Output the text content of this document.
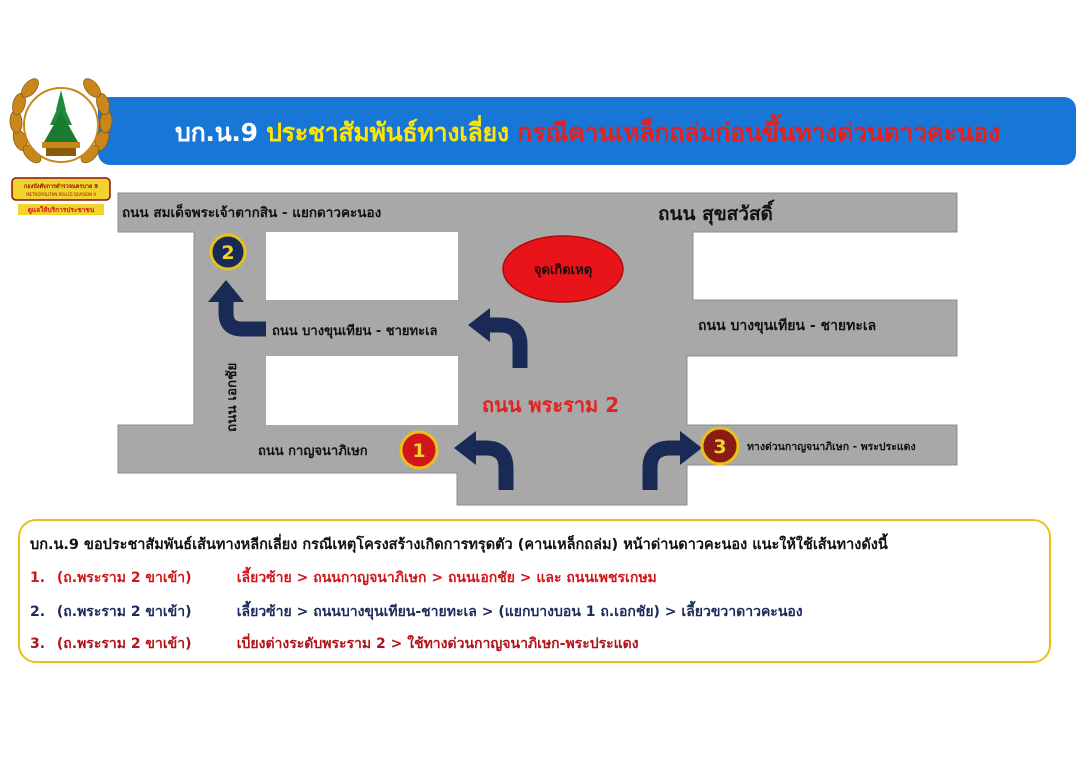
บก.น.9 ประชาสัมพันธ์ทางเลี่ยง กรณีคานเหล็กถล่มก่อนขึ้นทางด่วนดาวคะนอง
กองบังคับการตำรวจนครบาล 9
METROPOLITAN POLICE DIVISION 9
ดูแลให้บริการประชาชน
จุดเกิดเหตุ
ถนน สมเด็จพระเจ้าตากสิน - แยกดาวคะนอง	ถนน สุขสวัสดิ์
ถนน บางขุนเทียน - ชายทะเล	ถนน บางขุนเทียน - ชายทะเล
ถนน เอกชัย
ถนน กาญจนาภิเษก
ถนน พระราม 2
ทางด่วนกาญจนาภิเษก - พระประแดง
2
1	3
บก.น.9 ขอประชาสัมพันธ์เส้นทางหลีกเลี่ยง กรณีเหตุโครงสร้างเกิดการทรุดตัว (คานเหล็กถล่ม) หน้าด่านดาวคะนอง แนะให้ใช้เส้นทางดังนี้
1. (ถ.พระราม 2 ขาเข้า)	เลี้ยวซ้าย > ถนนกาญจนาภิเษก > ถนนเอกชัย > และ ถนนเพชรเกษม
2. (ถ.พระราม 2 ขาเข้า)	เลี้ยวซ้าย > ถนนบางขุนเทียน-ชายทะเล > (แยกบางบอน 1 ถ.เอกชัย) > เลี้ยวขวาดาวคะนอง
3. (ถ.พระราม 2 ขาเข้า)	เบี่ยงต่างระดับพระราม 2 > ใช้ทางด่วนกาญจนาภิเษก-พระประแดง
